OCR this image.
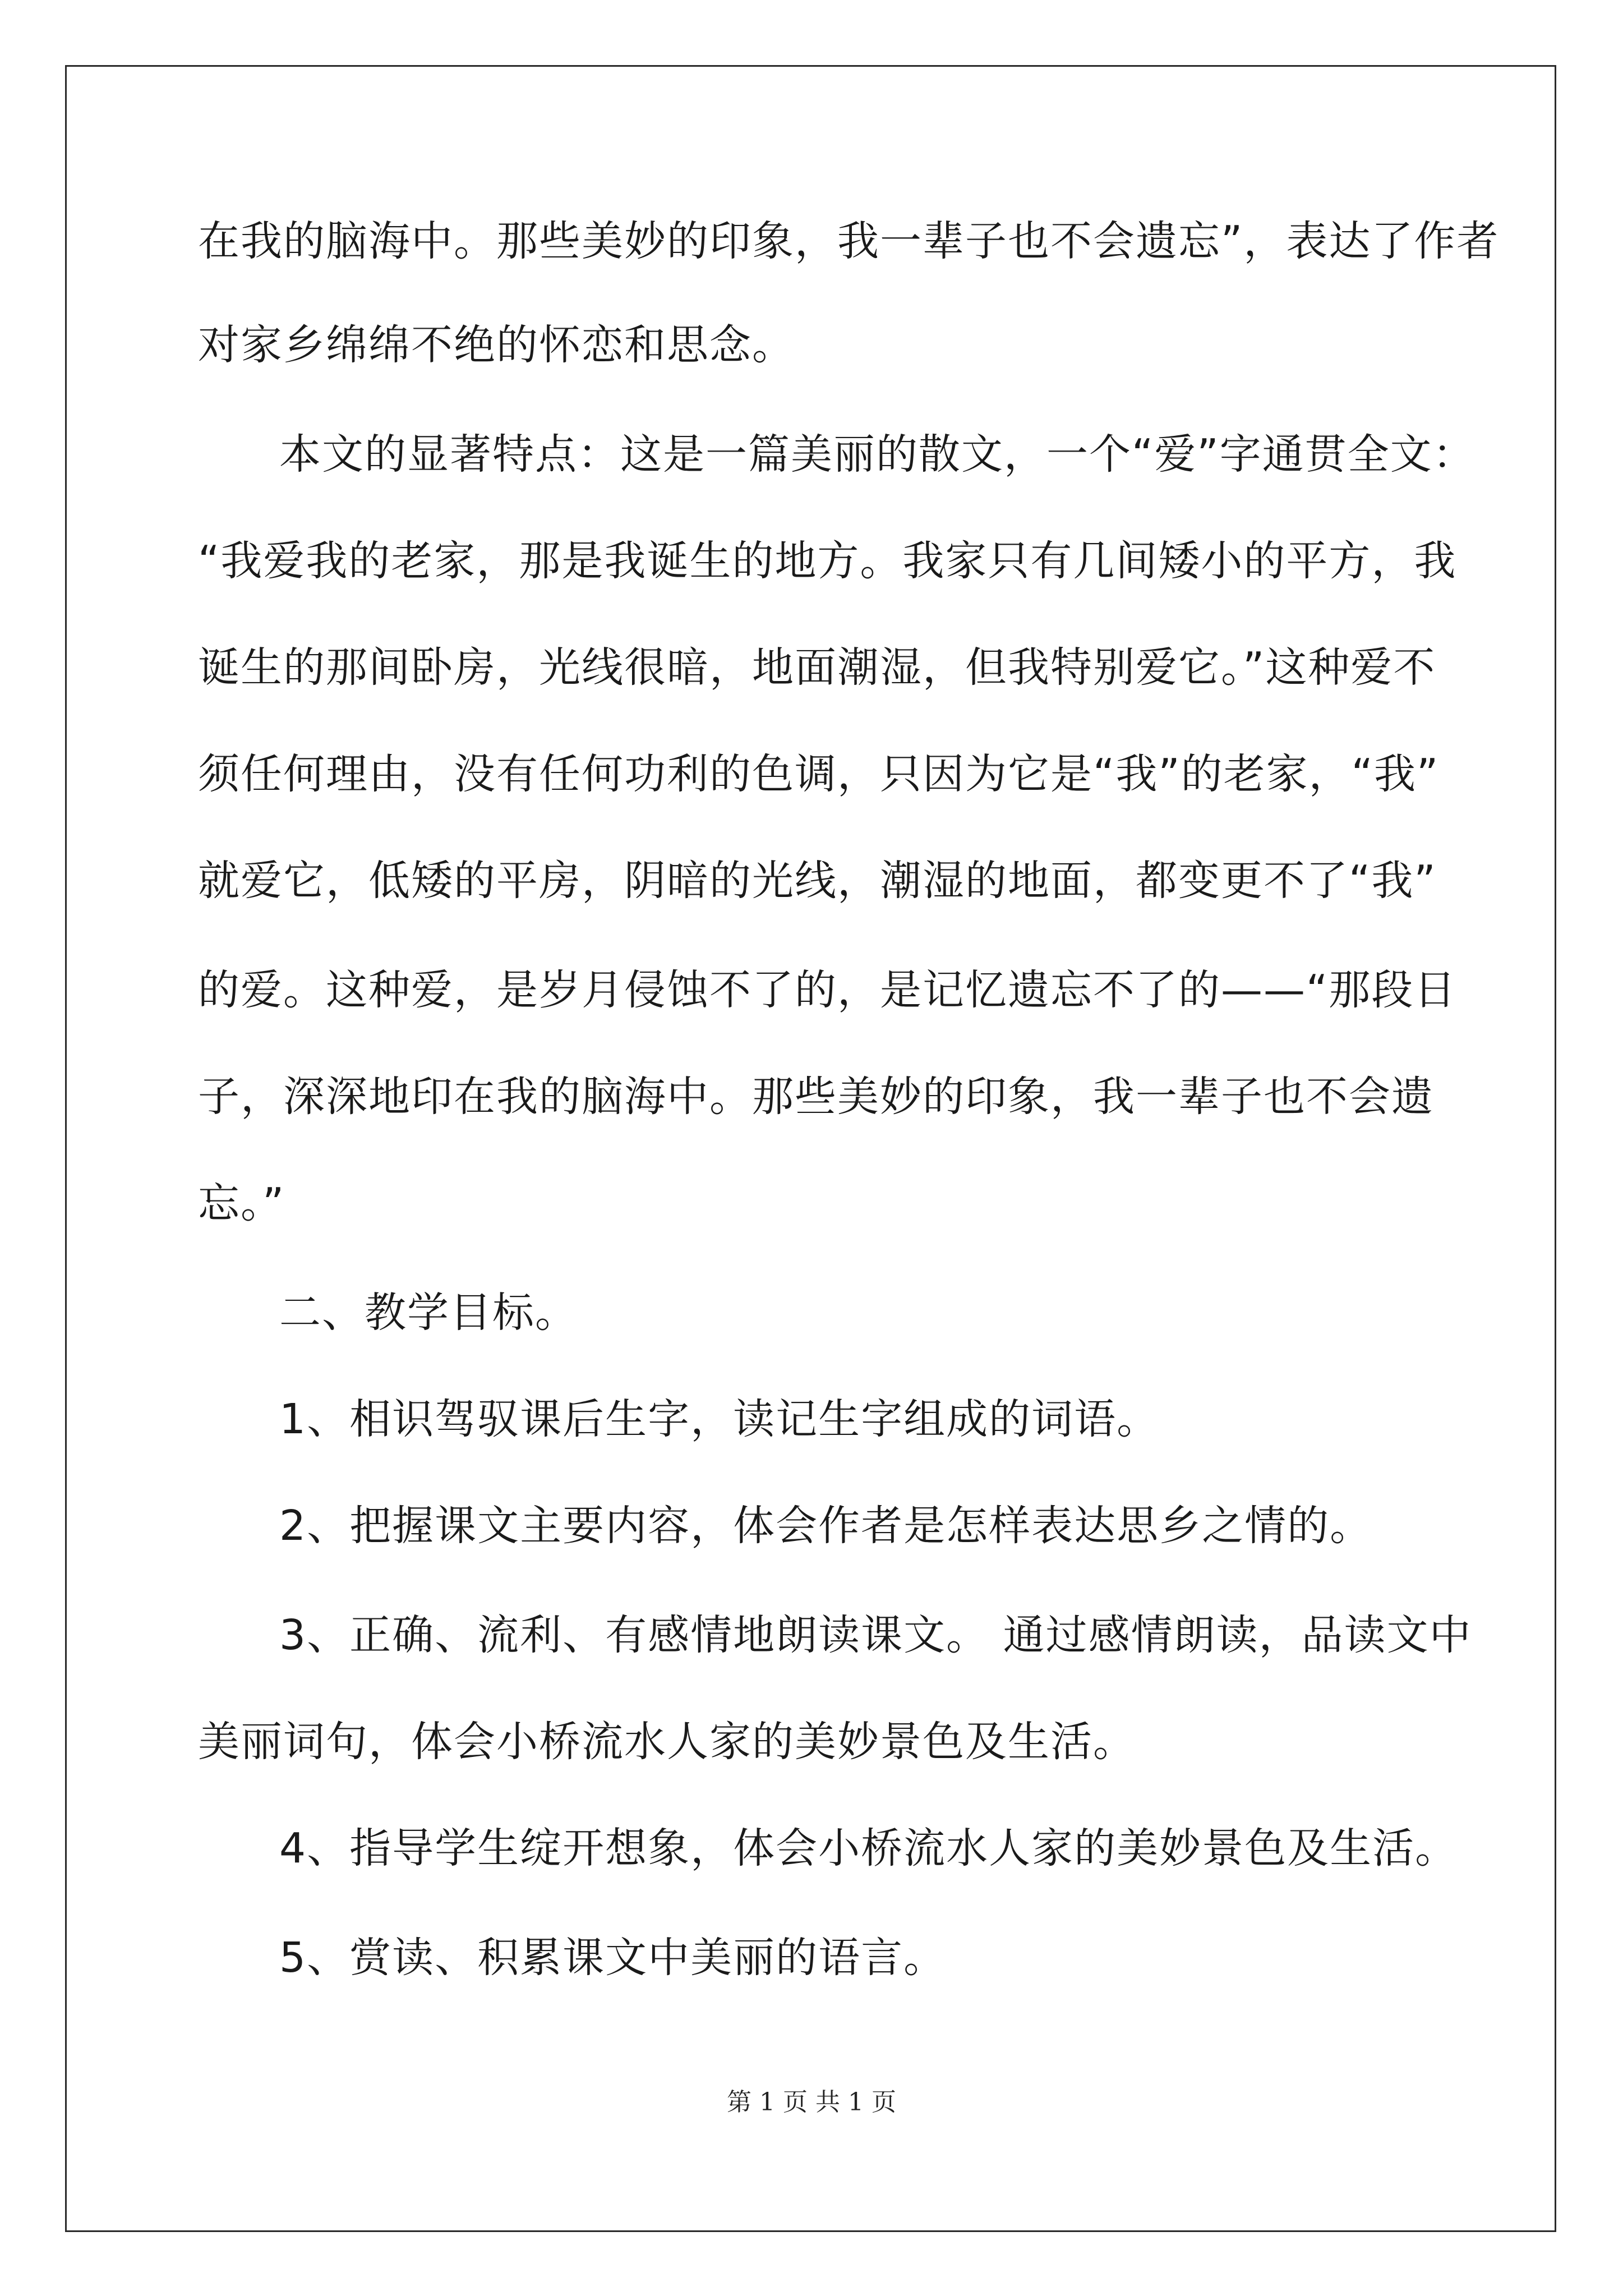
在我的脑海中。那些美妙的印象，我一辈子也不会遗忘”，表达了作者
对家乡绵绵不绝的怀恋和思念。
本文的显著特点：这是一篇美丽的散文，一个“爱”字通贯全文：
“我爱我的老家，那是我诞生的地方。我家只有几间矮小的平方，我
诞生的那间卧房，光线很暗，地面潮湿，但我特别爱它。”这种爱不
须任何理由，没有任何功利的色调，只因为它是“我”的老家，“我”
就爱它，低矮的平房，阴暗的光线，潮湿的地面，都变更不了“我”
的爱。这种爱，是岁月侵蚀不了的，是记忆遗忘不了的——“那段日
子，深深地印在我的脑海中。那些美妙的印象，我一辈子也不会遗
忘。”
二、教学目标。
1、相识驾驭课后生字，读记生字组成的词语。
2、把握课文主要内容，体会作者是怎样表达思乡之情的。
3、正确、流利、有感情地朗读课文。 通过感情朗读，品读文中
美丽词句，体会小桥流水人家的美妙景色及生活。
4、指导学生绽开想象，体会小桥流水人家的美妙景色及生活。
5、赏读、积累课文中美丽的语言。
第 1 页 共 1 页
